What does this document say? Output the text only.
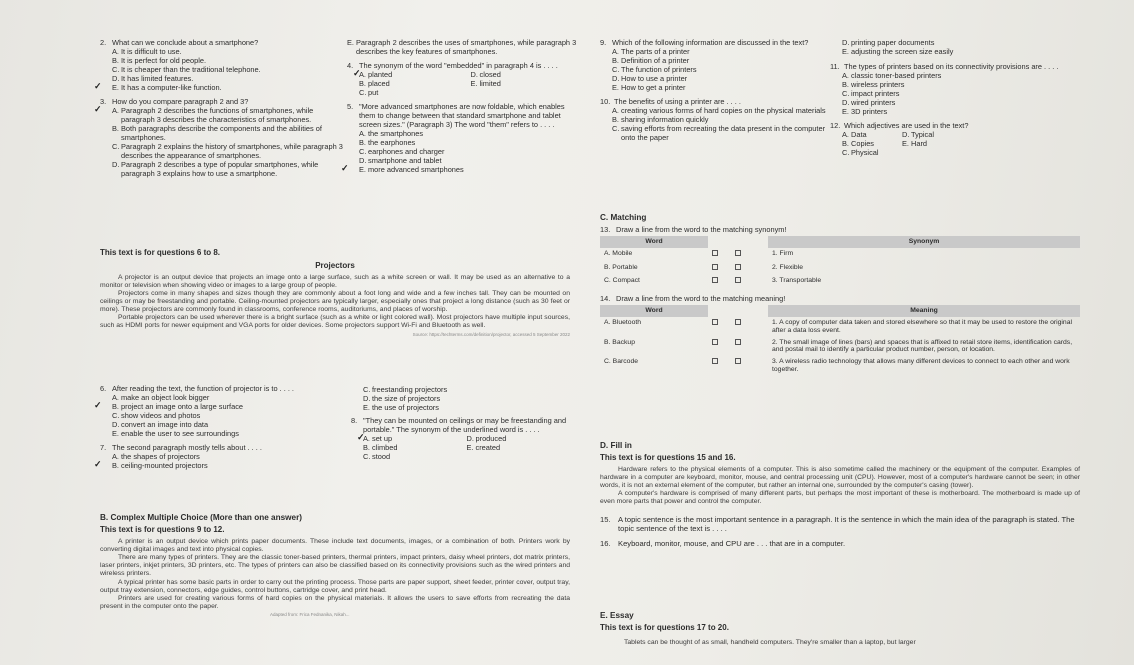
2. What can we conclude about a smartphone?
A. It is difficult to use.
B. It is perfect for old people.
C. It is cheaper than the traditional telephone.
D. It has limited features.
✓ E. It has a computer-like function.
3. How do you compare paragraph 2 and 3?
✓ A. Paragraph 2 describes the functions of smartphones, while paragraph 3 describes the characteristics of smartphones.
B. Both paragraphs describe the components and the abilities of smartphones.
C. Paragraph 2 explains the history of smartphones, while paragraph 3 describes the appearance of smartphones.
D. Paragraph 2 describes a type of popular smartphones, while paragraph 3 explains how to use a smartphone.
E. Paragraph 2 describes the uses of smartphones, while paragraph 3 describes the key features of smartphones.
4. The synonym of the word "embedded" in paragraph 4 is . . . .
✓ A. planted	D. closed
B. placed	E. limited
C. put
5. "More advanced smartphones are now foldable, which enables them to change between that standard smartphone and tablet screen sizes." (Paragraph 3) The word "them" refers to . . . .
A. the smartphones
B. the earphones
C. earphones and charger
D. smartphone and tablet
✓ E. more advanced smartphones
This text is for questions 6 to 8.
Projectors
A projector is an output device that projects an image onto a large surface, such as a white screen or wall. It may be used as an alternative to a monitor or television when showing video or images to a large group of people.
Projectors come in many shapes and sizes though they are commonly about a foot long and wide and a few inches tall. They can be mounted on ceilings or may be freestanding and portable. Ceiling-mounted projectors are typically larger, especially ones that project a long distance (such as 30 feet or more). These projectors are commonly found in classrooms, conference rooms, auditoriums, and places of worship.
Portable projectors can be used wherever there is a bright surface (such as a white or light colored wall). Most projectors have multiple input sources, such as HDMI ports for newer equipment and VGA ports for older devices. Some projectors support Wi-Fi and Bluetooth as well.
Source: https://techterms.com/definition/projector, accessed 5 September 2022
6. After reading the text, the function of projector is to . . . .
A. make an object look bigger
✓ B. project an image onto a large surface
C. show videos and photos
D. convert an image into data
E. enable the user to see surroundings
7. The second paragraph mostly tells about . . . .
A. the shapes of projectors
✓ B. ceiling-mounted projectors
C. freestanding projectors
D. the size of projectors
E. the use of projectors
8. "They can be mounted on ceilings or may be freestanding and portable." The synonym of the underlined word is . . . .
✓ A. set up	D. produced
B. climbed	E. created
C. stood
B. Complex Multiple Choice (More than one answer)
This text is for questions 9 to 12.
A printer is an output device which prints paper documents. These include text documents, images, or a combination of both. Printers work by converting digital images and text into physical copies.
There are many types of printers. They are the classic toner-based printers, thermal printers, impact printers, daisy wheel printers, dot matrix printers, laser printers, inkjet printers, 3D printers, etc. The types of printers can also be classified based on its connectivity provisions such as the wired printers and wireless printers.
A typical printer has some basic parts in order to carry out the printing process. Those parts are paper support, sheet feeder, printer cover, output tray, output tray extension, connectors, edge guides, control buttons, cartridge cover, and print head.
Printers are used for creating various forms of hard copies on the physical materials. It allows the users to save efforts from recreating the data present in the computer onto the paper.
Adapted from: Frica Fednanika, Nikah...
9. Which of the following information are discussed in the text?
A. The parts of a printer
B. Definition of a printer
C. The function of printers
D. How to use a printer
E. How to get a printer
10. The benefits of using a printer are . . . .
A. creating various forms of hard copies on the physical materials
B. sharing information quickly
C. saving efforts from recreating the data present in the computer onto the paper
D. printing paper documents
E. adjusting the screen size easily
11. The types of printers based on its connectivity provisions are . . . .
A. classic toner-based printers
B. wireless printers
C. impact printers
D. wired printers
E. 3D printers
12. Which adjectives are used in the text?
A. Data	D. Typical
B. Copies	E. Hard
C. Physical
C. Matching
13. Draw a line from the word to the matching synonym!
Word		Synonym
A. Mobile		1. Firm
B. Portable		2. Flexible
C. Compact		3. Transportable
14. Draw a line from the word to the matching meaning!
Word		Meaning
A. Bluetooth		1. A copy of computer data taken and stored elsewhere so that it may be used to restore the original after a data loss event.
B. Backup		2. The small image of lines (bars) and spaces that is affixed to retail store items, identification cards, and postal mail to identify a particular product number, person, or location.
C. Barcode		3. A wireless radio technology that allows many different devices to connect to each other and work together.
D. Fill in
This text is for questions 15 and 16.
Hardware refers to the physical elements of a computer. This is also sometime called the machinery or the equipment of the computer. Examples of hardware in a computer are keyboard, monitor, mouse, and central processing unit (CPU). However, most of a computer's hardware cannot be seen; in other words, it is not an external element of the computer, but rather an internal one, surrounded by the computer's casing (tower).
A computer's hardware is comprised of many different parts, but perhaps the most important of these is motherboard. The motherboard is made up of even more parts that power and control the computer.
15. A topic sentence is the most important sentence in a paragraph. It is the sentence in which the main idea of the paragraph is stated. The topic sentence of the text is . . . .
16. Keyboard, monitor, mouse, and CPU are . . . that are in a computer.
E. Essay
This text is for questions 17 to 20.
Tablets can be thought of as small, handheld computers. They're smaller than a laptop, but larger
